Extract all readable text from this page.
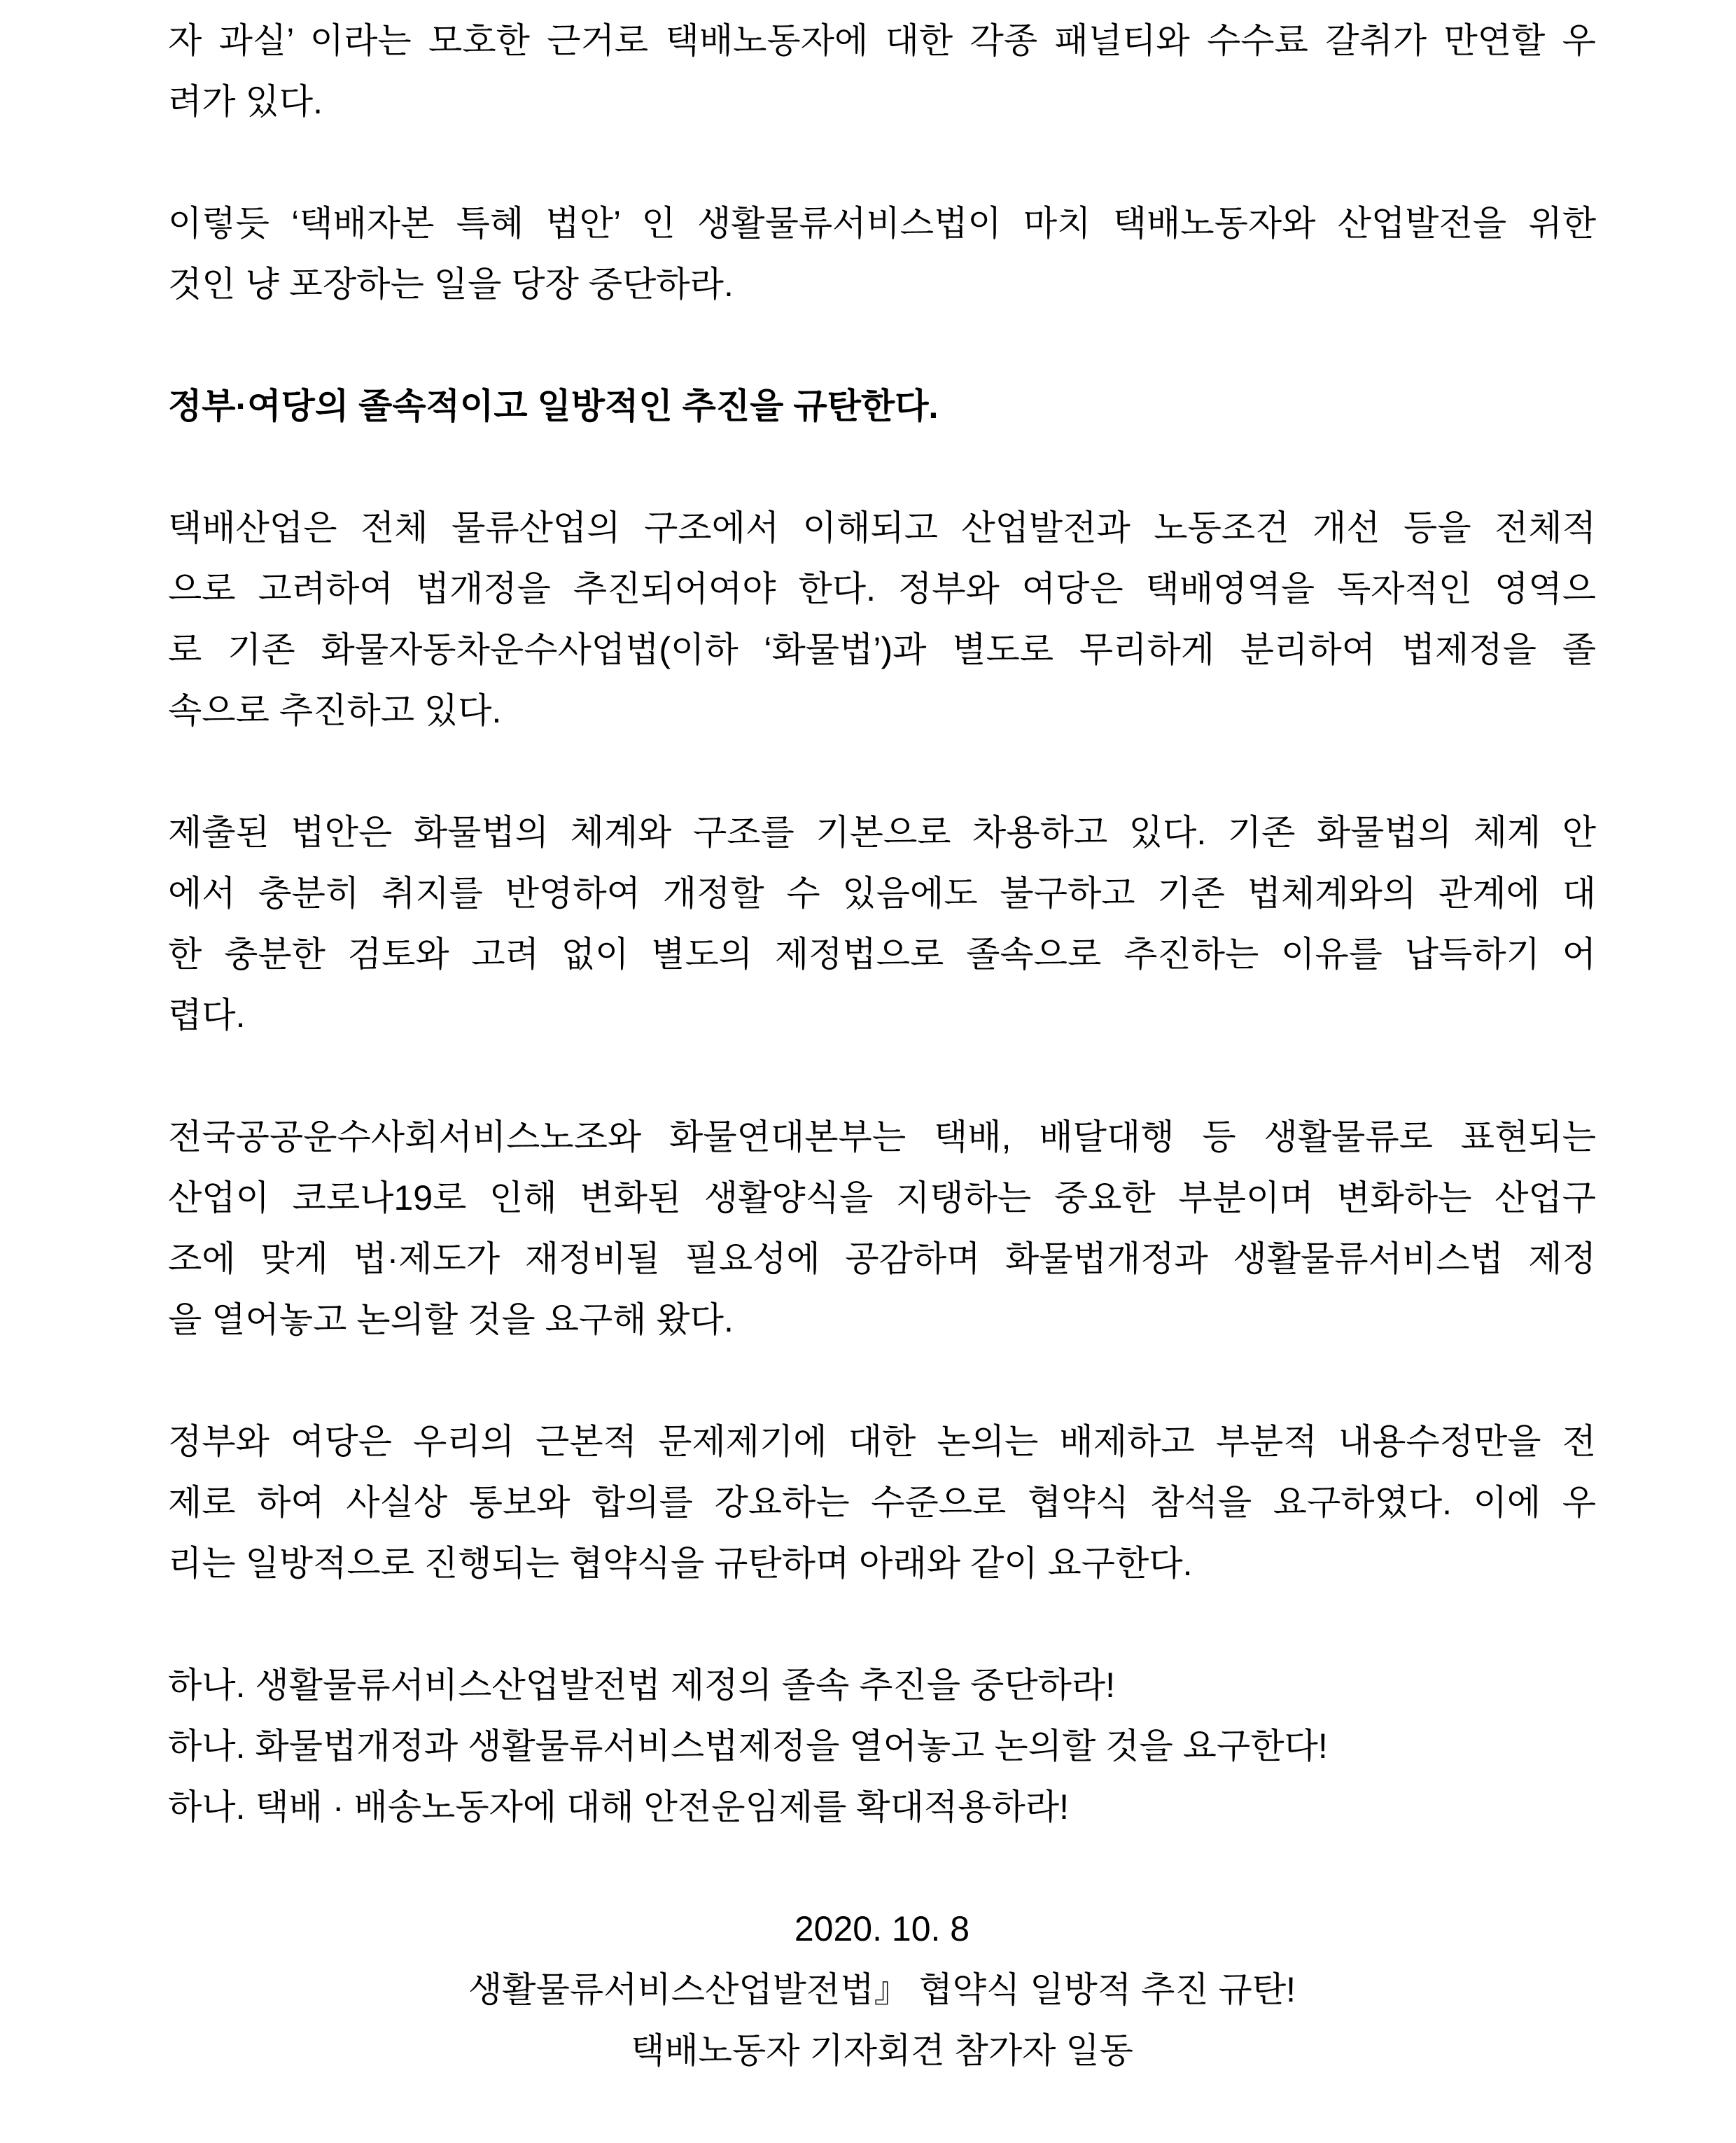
자 과실’ 이라는 모호한 근거로 택배노동자에 대한 각종 패널티와 수수료 갈취가 만연할 우
려가 있다.
이렇듯 ‘택배자본 특혜 법안’ 인 생활물류서비스법이 마치 택배노동자와 산업발전을 위한
것인 냥 포장하는 일을 당장 중단하라.
정부·여당의 졸속적이고 일방적인 추진을 규탄한다.
택배산업은 전체 물류산업의 구조에서 이해되고 산업발전과 노동조건 개선 등을 전체적
으로 고려하여 법개정을 추진되어여야 한다. 정부와 여당은 택배영역을 독자적인 영역으
로 기존 화물자동차운수사업법(이하 ‘화물법’)과 별도로 무리하게 분리하여 법제정을 졸
속으로 추진하고 있다.
제출된 법안은 화물법의 체계와 구조를 기본으로 차용하고 있다. 기존 화물법의 체계 안
에서 충분히 취지를 반영하여 개정할 수 있음에도 불구하고 기존 법체계와의 관계에 대
한 충분한 검토와 고려 없이 별도의 제정법으로 졸속으로 추진하는 이유를 납득하기 어
렵다.
전국공공운수사회서비스노조와 화물연대본부는 택배, 배달대행 등 생활물류로 표현되는
산업이 코로나19로 인해 변화된 생활양식을 지탱하는 중요한 부분이며 변화하는 산업구
조에 맞게 법·제도가 재정비될 필요성에 공감하며 화물법개정과 생활물류서비스법 제정
을 열어놓고 논의할 것을 요구해 왔다.
정부와 여당은 우리의 근본적 문제제기에 대한 논의는 배제하고 부분적 내용수정만을 전
제로 하여 사실상 통보와 합의를 강요하는 수준으로 협약식 참석을 요구하였다. 이에 우
리는 일방적으로 진행되는 협약식을 규탄하며 아래와 같이 요구한다.
하나. 생활물류서비스산업발전법 제정의 졸속 추진을 중단하라!
하나. 화물법개정과 생활물류서비스법제정을 열어놓고 논의할 것을 요구한다!
하나. 택배 · 배송노동자에 대해 안전운임제를 확대적용하라!
2020. 10. 8
생활물류서비스산업발전법』 협약식 일방적 추진 규탄!
택배노동자 기자회견 참가자 일동
